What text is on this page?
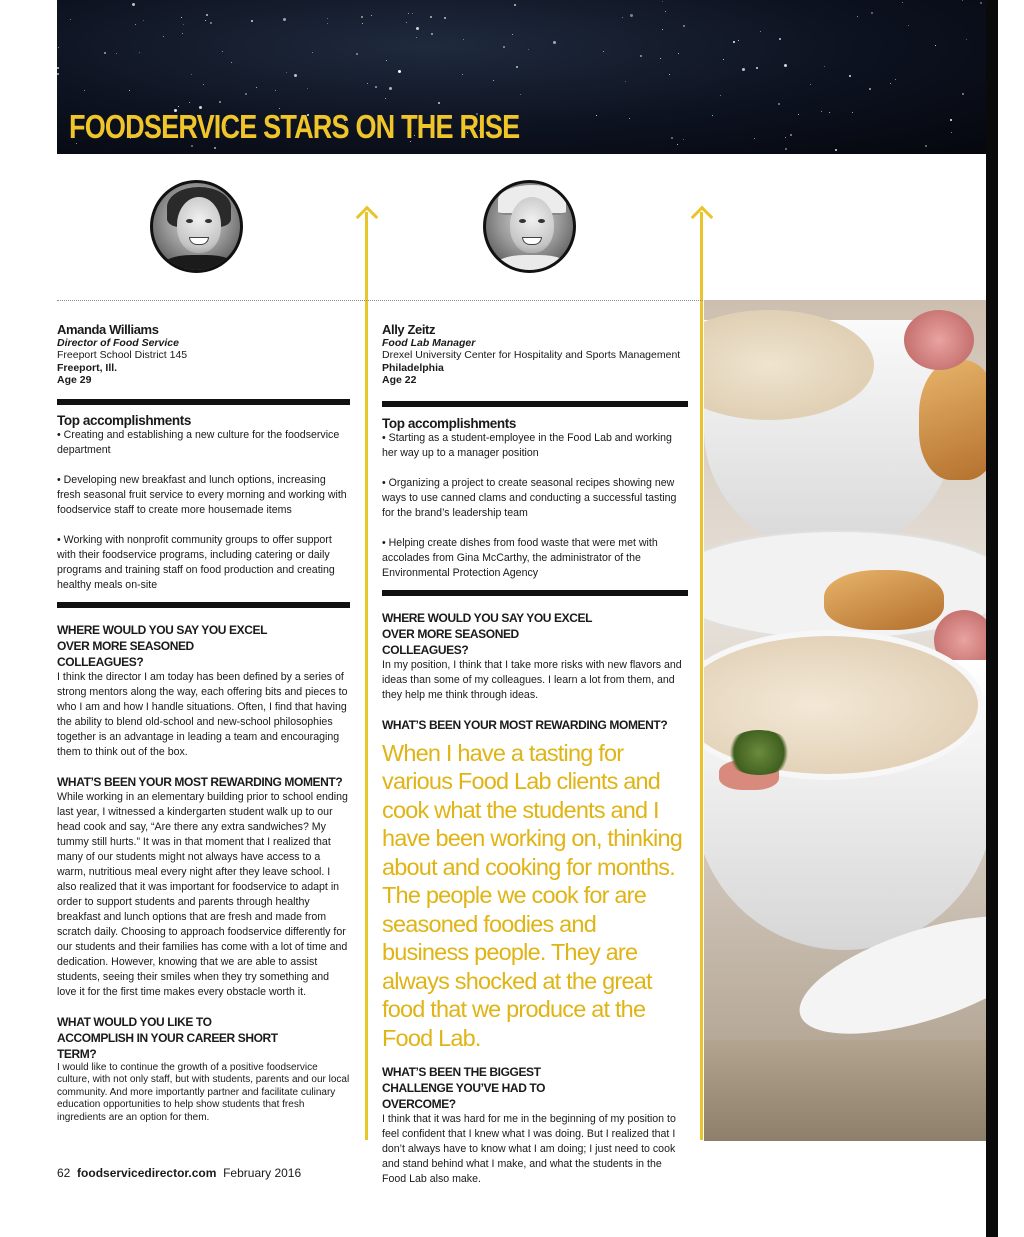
FOODSERVICE STARS ON THE RISE
Amanda Williams
Director of Food Service
Freeport School District 145
Freeport, Ill.
Age 29
Top accomplishments
• Creating and establishing a new culture for the foodservice department
• Developing new breakfast and lunch options, increasing fresh seasonal fruit service to every morning and working with foodservice staff to create more housemade items
• Working with nonprofit community groups to offer support with their foodservice programs, including catering or daily programs and training staff on food production and creating healthy meals on-site
WHERE WOULD YOU SAY YOU EXCEL OVER MORE SEASONED COLLEAGUES?
I think the director I am today has been defined by a series of strong mentors along the way, each offering bits and pieces to who I am and how I handle situations. Often, I find that having the ability to blend old-school and new-school philosophies together is an advantage in leading a team and encouraging them to think out of the box.
WHAT’S BEEN YOUR MOST REWARDING MOMENT?
While working in an elementary building prior to school ending last year, I witnessed a kindergarten student walk up to our head cook and say, “Are there any extra sandwiches? My tummy still hurts.” It was in that moment that I realized that many of our students might not always have access to a warm, nutritious meal every night after they leave school. I also realized that it was important for foodservice to adapt in order to support students and parents through healthy breakfast and lunch options that are fresh and made from scratch daily. Choosing to approach foodservice differently for our students and their families has come with a lot of time and dedication. However, knowing that we are able to assist students, seeing their smiles when they try something and love it for the first time makes every obstacle worth it.
WHAT WOULD YOU LIKE TO ACCOMPLISH IN YOUR CAREER SHORT TERM?
I would like to continue the growth of a positive foodservice culture, with not only staff, but with students, parents and our local community. And more importantly partner and facilitate culinary education opportunities to help show students that fresh ingredients are an option for them.
Ally Zeitz
Food Lab Manager
Drexel University Center for Hospitality and Sports Management
Philadelphia
Age 22
Top accomplishments
• Starting as a student-employee in the Food Lab and working her way up to a manager position
• Organizing a project to create seasonal recipes showing new ways to use canned clams and conducting a successful tasting for the brand’s leadership team
• Helping create dishes from food waste that were met with accolades from Gina McCarthy, the administrator of the Environmental Protection Agency
WHERE WOULD YOU SAY YOU EXCEL OVER MORE SEASONED COLLEAGUES?
In my position, I think that I take more risks with new flavors and ideas than some of my colleagues. I learn a lot from them, and they help me think through ideas.
WHAT’S BEEN YOUR MOST REWARDING MOMENT?
When I have a tasting for various Food Lab clients and cook what the students and I have been working on, thinking about and cooking for months. The people we cook for are seasoned foodies and business people. They are always shocked at the great food that we produce at the Food Lab.
WHAT’S BEEN THE BIGGEST CHALLENGE YOU’VE HAD TO OVERCOME?
I think that it was hard for me in the beginning of my position to feel confident that I knew what I was doing. But I realized that I don’t always have to know what I am doing; I just need to cook and stand behind what I make, and what the students in the Food Lab also make.
62 foodservicedirector.com February 2016
